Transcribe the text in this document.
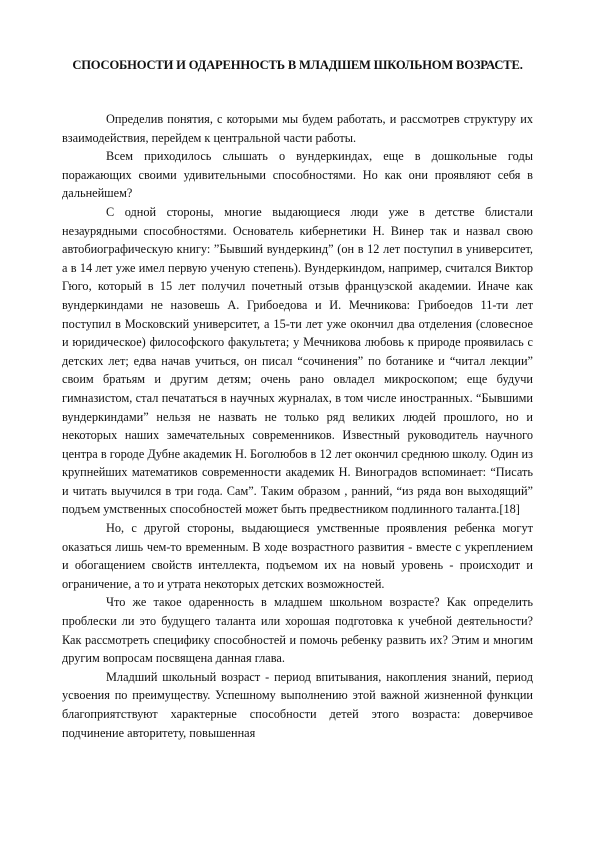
СПОСОБНОСТИ И ОДАРЕННОСТЬ В МЛАДШЕМ ШКОЛЬНОМ ВОЗРАСТЕ.

Определив понятия, с которыми мы будем работать, и рассмотрев структуру их взаимодействия, перейдем к центральной части работы.

Всем приходилось слышать о вундеркиндах, еще в дошкольные годы поражающих своими удивительными способностями. Но как они проявляют себя в дальнейшем?

С одной стороны, многие выдающиеся люди уже в детстве блистали незаурядными способностями. Основатель кибернетики Н. Винер так и назвал свою автобиографическую книгу: ”Бывший вундеркинд” (он в 12 лет поступил в университет, а в 14 лет уже имел первую ученую степень). Вундеркиндом, например, считался Виктор Гюго, который в 15 лет получил почетный отзыв французской академии. Иначе как вундеркиндами не назовешь А. Грибоедова и И. Мечникова: Грибоедов 11-ти лет поступил в Московский университет, а 15-ти лет уже окончил два отделения (словесное и юридическое) философского факультета; у Мечникова любовь к природе проявилась с детских лет; едва начав учиться, он писал “сочинения” по ботанике и “читал лекции” своим братьям и другим детям; очень рано овладел микроскопом; еще будучи гимназистом, стал печататься в научных журналах, в том числе иностранных. “Бывшими вундеркиндами” нельзя не назвать не только ряд великих людей прошлого, но и некоторых наших замечательных современников. Известный руководитель научного центра в городе Дубне академик Н. Боголюбов в 12 лет окончил среднюю школу. Один из крупнейших математиков современности академик Н. Виноградов вспоминает: “Писать и читать выучился в три года. Сам”. Таким образом , ранний, “из ряда вон выходящий” подъем умственных способностей может быть предвестником подлинного таланта.[18]

Но, с другой стороны, выдающиеся умственные проявления ребенка могут оказаться лишь чем-то временным. В ходе возрастного развития - вместе с укреплением и обогащением свойств интеллекта, подъемом их на новый уровень - происходит и ограничение, а то и утрата некоторых детских возможностей.

Что же такое одаренность в младшем школьном возрасте? Как определить проблески ли это будущего таланта или хорошая подготовка к учебной деятельности? Как рассмотреть специфику способностей и помочь ребенку развить их? Этим и многим другим вопросам посвящена данная глава.

Младший школьный возраст - период впитывания, накопления знаний, период усвоения по преимуществу. Успешному выполнению этой важной жизненной функции благоприятствуют характерные способности детей этого возраста: доверчивое подчинение авторитету, повышенная
